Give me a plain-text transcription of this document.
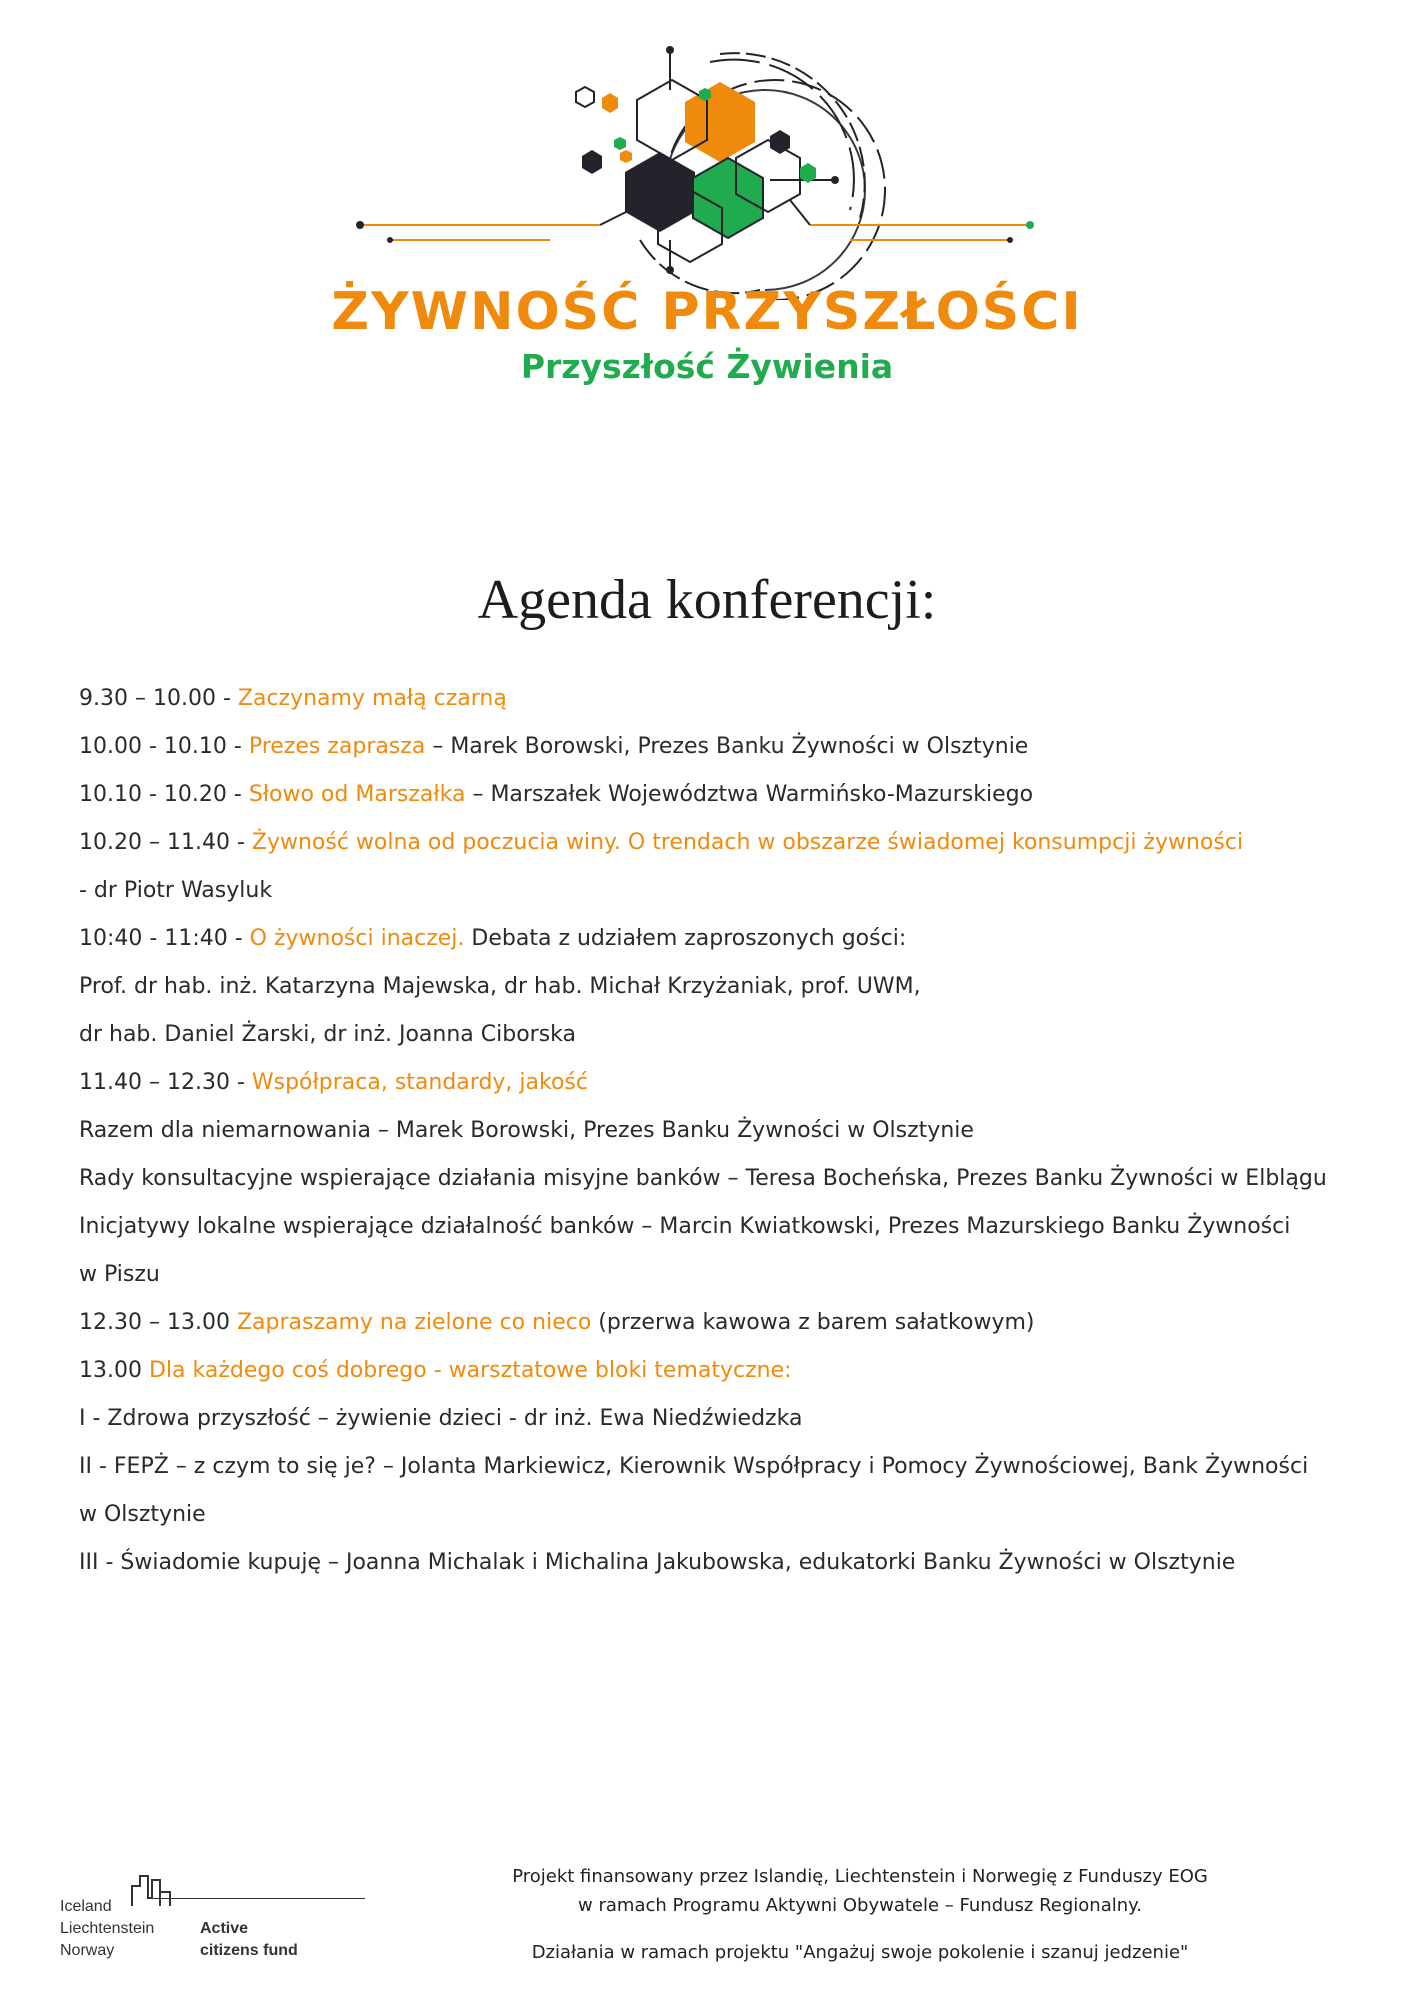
ŻYWNOŚĆ PRZYSZŁOŚCI
Przyszłość Żywienia
Agenda konferencji:
9.30 – 10.00 - Zaczynamy małą czarną
10.00 - 10.10 - Prezes zaprasza – Marek Borowski, Prezes Banku Żywności w Olsztynie
10.10 - 10.20 - Słowo od Marszałka – Marszałek Województwa Warmińsko-Mazurskiego
10.20 – 11.40 - Żywność wolna od poczucia winy. O trendach w obszarze świadomej konsumpcji żywności
- dr Piotr Wasyluk
10:40 - 11:40 - O żywności inaczej. Debata z udziałem zaproszonych gości:
Prof. dr hab. inż. Katarzyna Majewska, dr hab. Michał Krzyżaniak, prof. UWM,
dr hab. Daniel Żarski, dr inż. Joanna Ciborska
11.40 – 12.30 - Współpraca, standardy, jakość
Razem dla niemarnowania – Marek Borowski, Prezes Banku Żywności w Olsztynie
Rady konsultacyjne wspierające działania misyjne banków – Teresa Bocheńska, Prezes Banku Żywności w Elblągu
Inicjatywy lokalne wspierające działalność banków – Marcin Kwiatkowski, Prezes Mazurskiego Banku Żywności
w Piszu
12.30 – 13.00 Zapraszamy na zielone co nieco (przerwa kawowa z barem sałatkowym)
13.00 Dla każdego coś dobrego - warsztatowe bloki tematyczne:
I - Zdrowa przyszłość – żywienie dzieci - dr inż. Ewa Niedźwiedzka
II - FEPŻ – z czym to się je? – Jolanta Markiewicz, Kierownik Współpracy i Pomocy Żywnościowej, Bank Żywności
w Olsztynie
III - Świadomie kupuję – Joanna Michalak i Michalina Jakubowska, edukatorki Banku Żywności w Olsztynie
Iceland
Liechtenstein
Norway
Active
citizens fund
Projekt finansowany przez Islandię, Liechtenstein i Norwegię z Funduszy EOG
w ramach Programu Aktywni Obywatele – Fundusz Regionalny.
Działania w ramach projektu "Angażuj swoje pokolenie i szanuj jedzenie"
